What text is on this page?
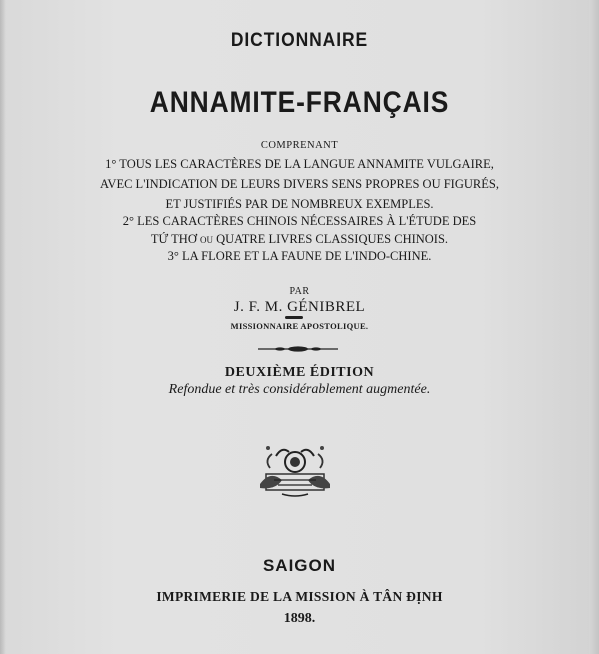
DICTIONNAIRE
ANNAMITE-FRANÇAIS
COMPRENANT
1° TOUS LES CARACTÈRES DE LA LANGUE ANNAMITE VULGAIRE,
AVEC L'INDICATION DE LEURS DIVERS SENS PROPRES OU FIGURÉS,
ET JUSTIFIÉS PAR DE NOMBREUX EXEMPLES.
2° LES CARACTÈRES CHINOIS NÉCESSAIRES À L'ÉTUDE DES
TỨ THƠ ou QUATRE LIVRES CLASSIQUES CHINOIS.
3° LA FLORE ET LA FAUNE DE L'INDO-CHINE.
PAR
J. F. M. GÉNIBREL
MISSIONNAIRE APOSTOLIQUE.
DEUXIÈME ÉDITION
Refondue et très considérablement augmentée.
SAIGON
IMPRIMERIE DE LA MISSION À TÂN ĐỊNH
1898.
